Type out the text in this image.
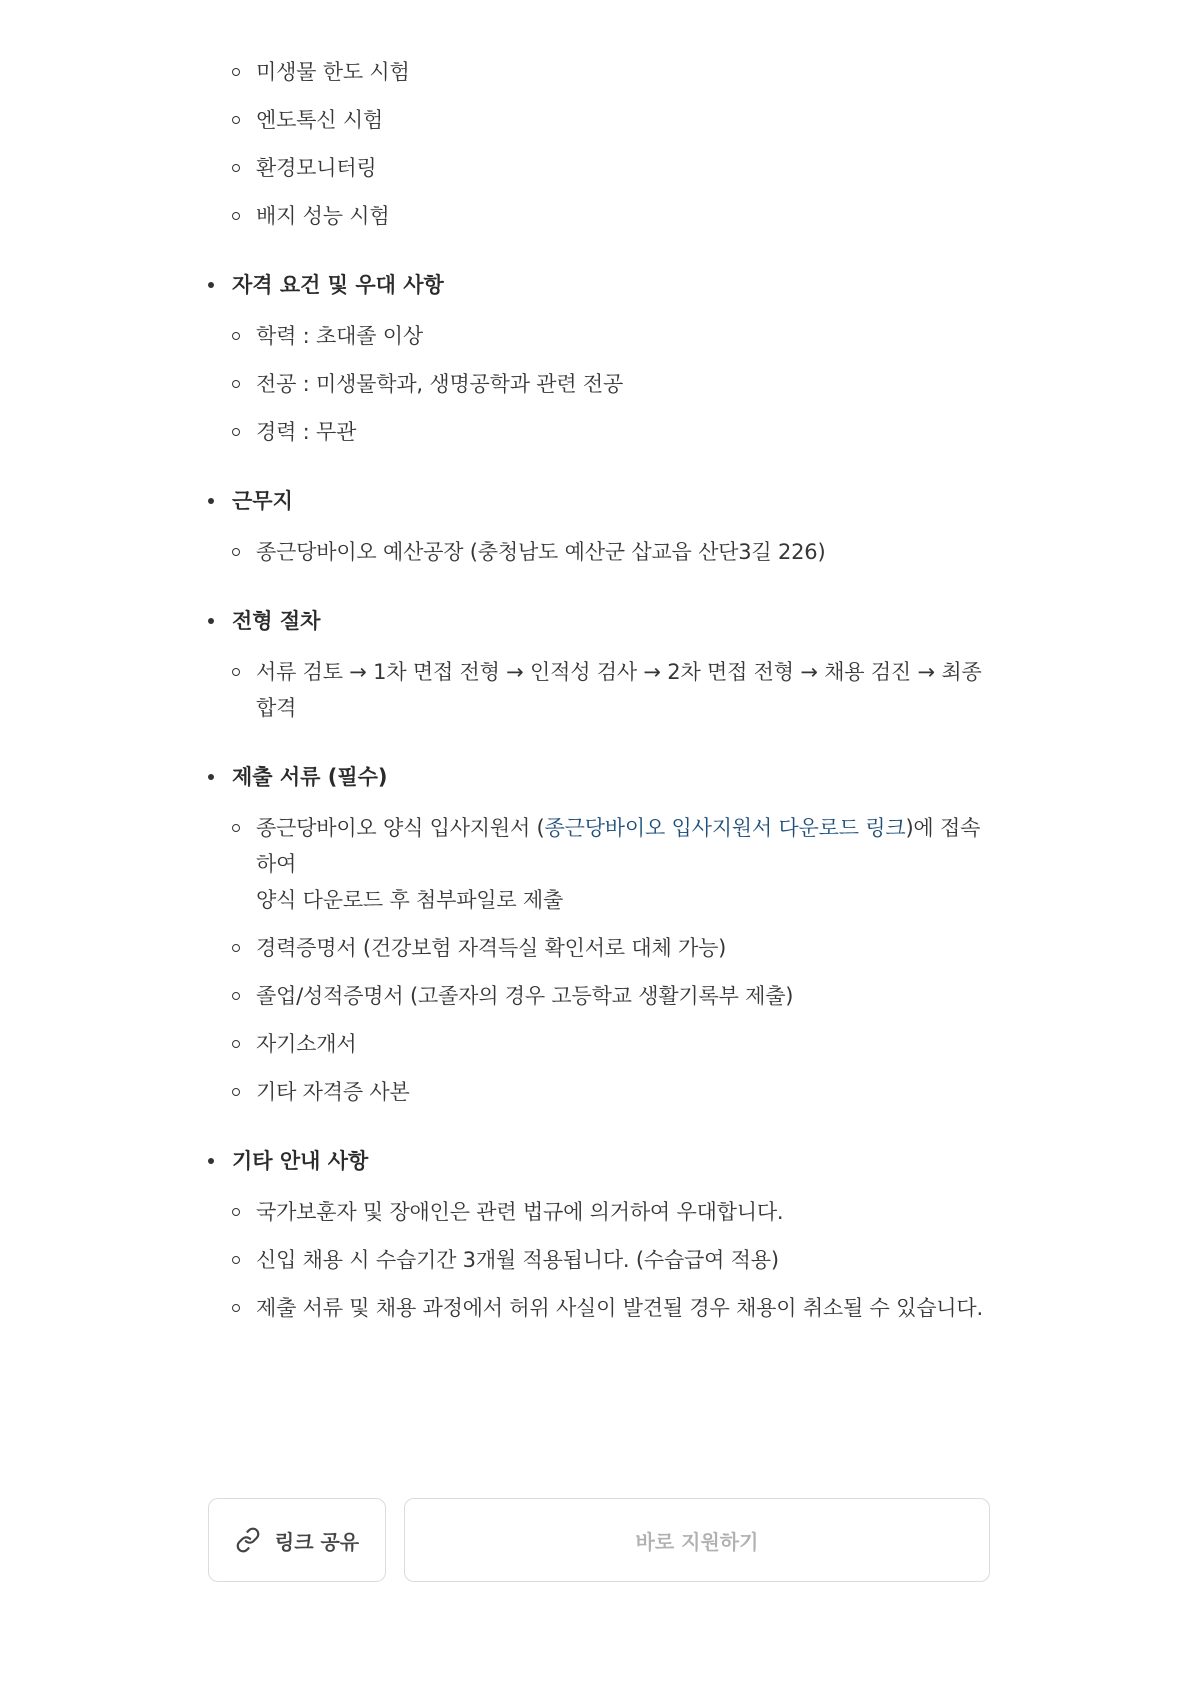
미생물 한도 시험
엔도톡신 시험
환경모니터링
배지 성능 시험
자격 요건 및 우대 사항
학력 : 초대졸 이상
전공 : 미생물학과, 생명공학과 관련 전공
경력 : 무관
근무지
종근당바이오 예산공장 (충청남도 예산군 삽교읍 산단3길 226)
전형 절차
서류 검토 → 1차 면접 전형 → 인적성 검사 → 2차 면접 전형 → 채용 검진 → 최종 합격
제출 서류 (필수)
종근당바이오 양식 입사지원서 (종근당바이오 입사지원서 다운로드 링크)에 접속하여
양식 다운로드 후 첨부파일로 제출
경력증명서 (건강보험 자격득실 확인서로 대체 가능)
졸업/성적증명서 (고졸자의 경우 고등학교 생활기록부 제출)
자기소개서
기타 자격증 사본
기타 안내 사항
국가보훈자 및 장애인은 관련 법규에 의거하여 우대합니다.
신입 채용 시 수습기간 3개월 적용됩니다. (수습급여 적용)
제출 서류 및 채용 과정에서 허위 사실이 발견될 경우 채용이 취소될 수 있습니다.
링크 공유	바로 지원하기
